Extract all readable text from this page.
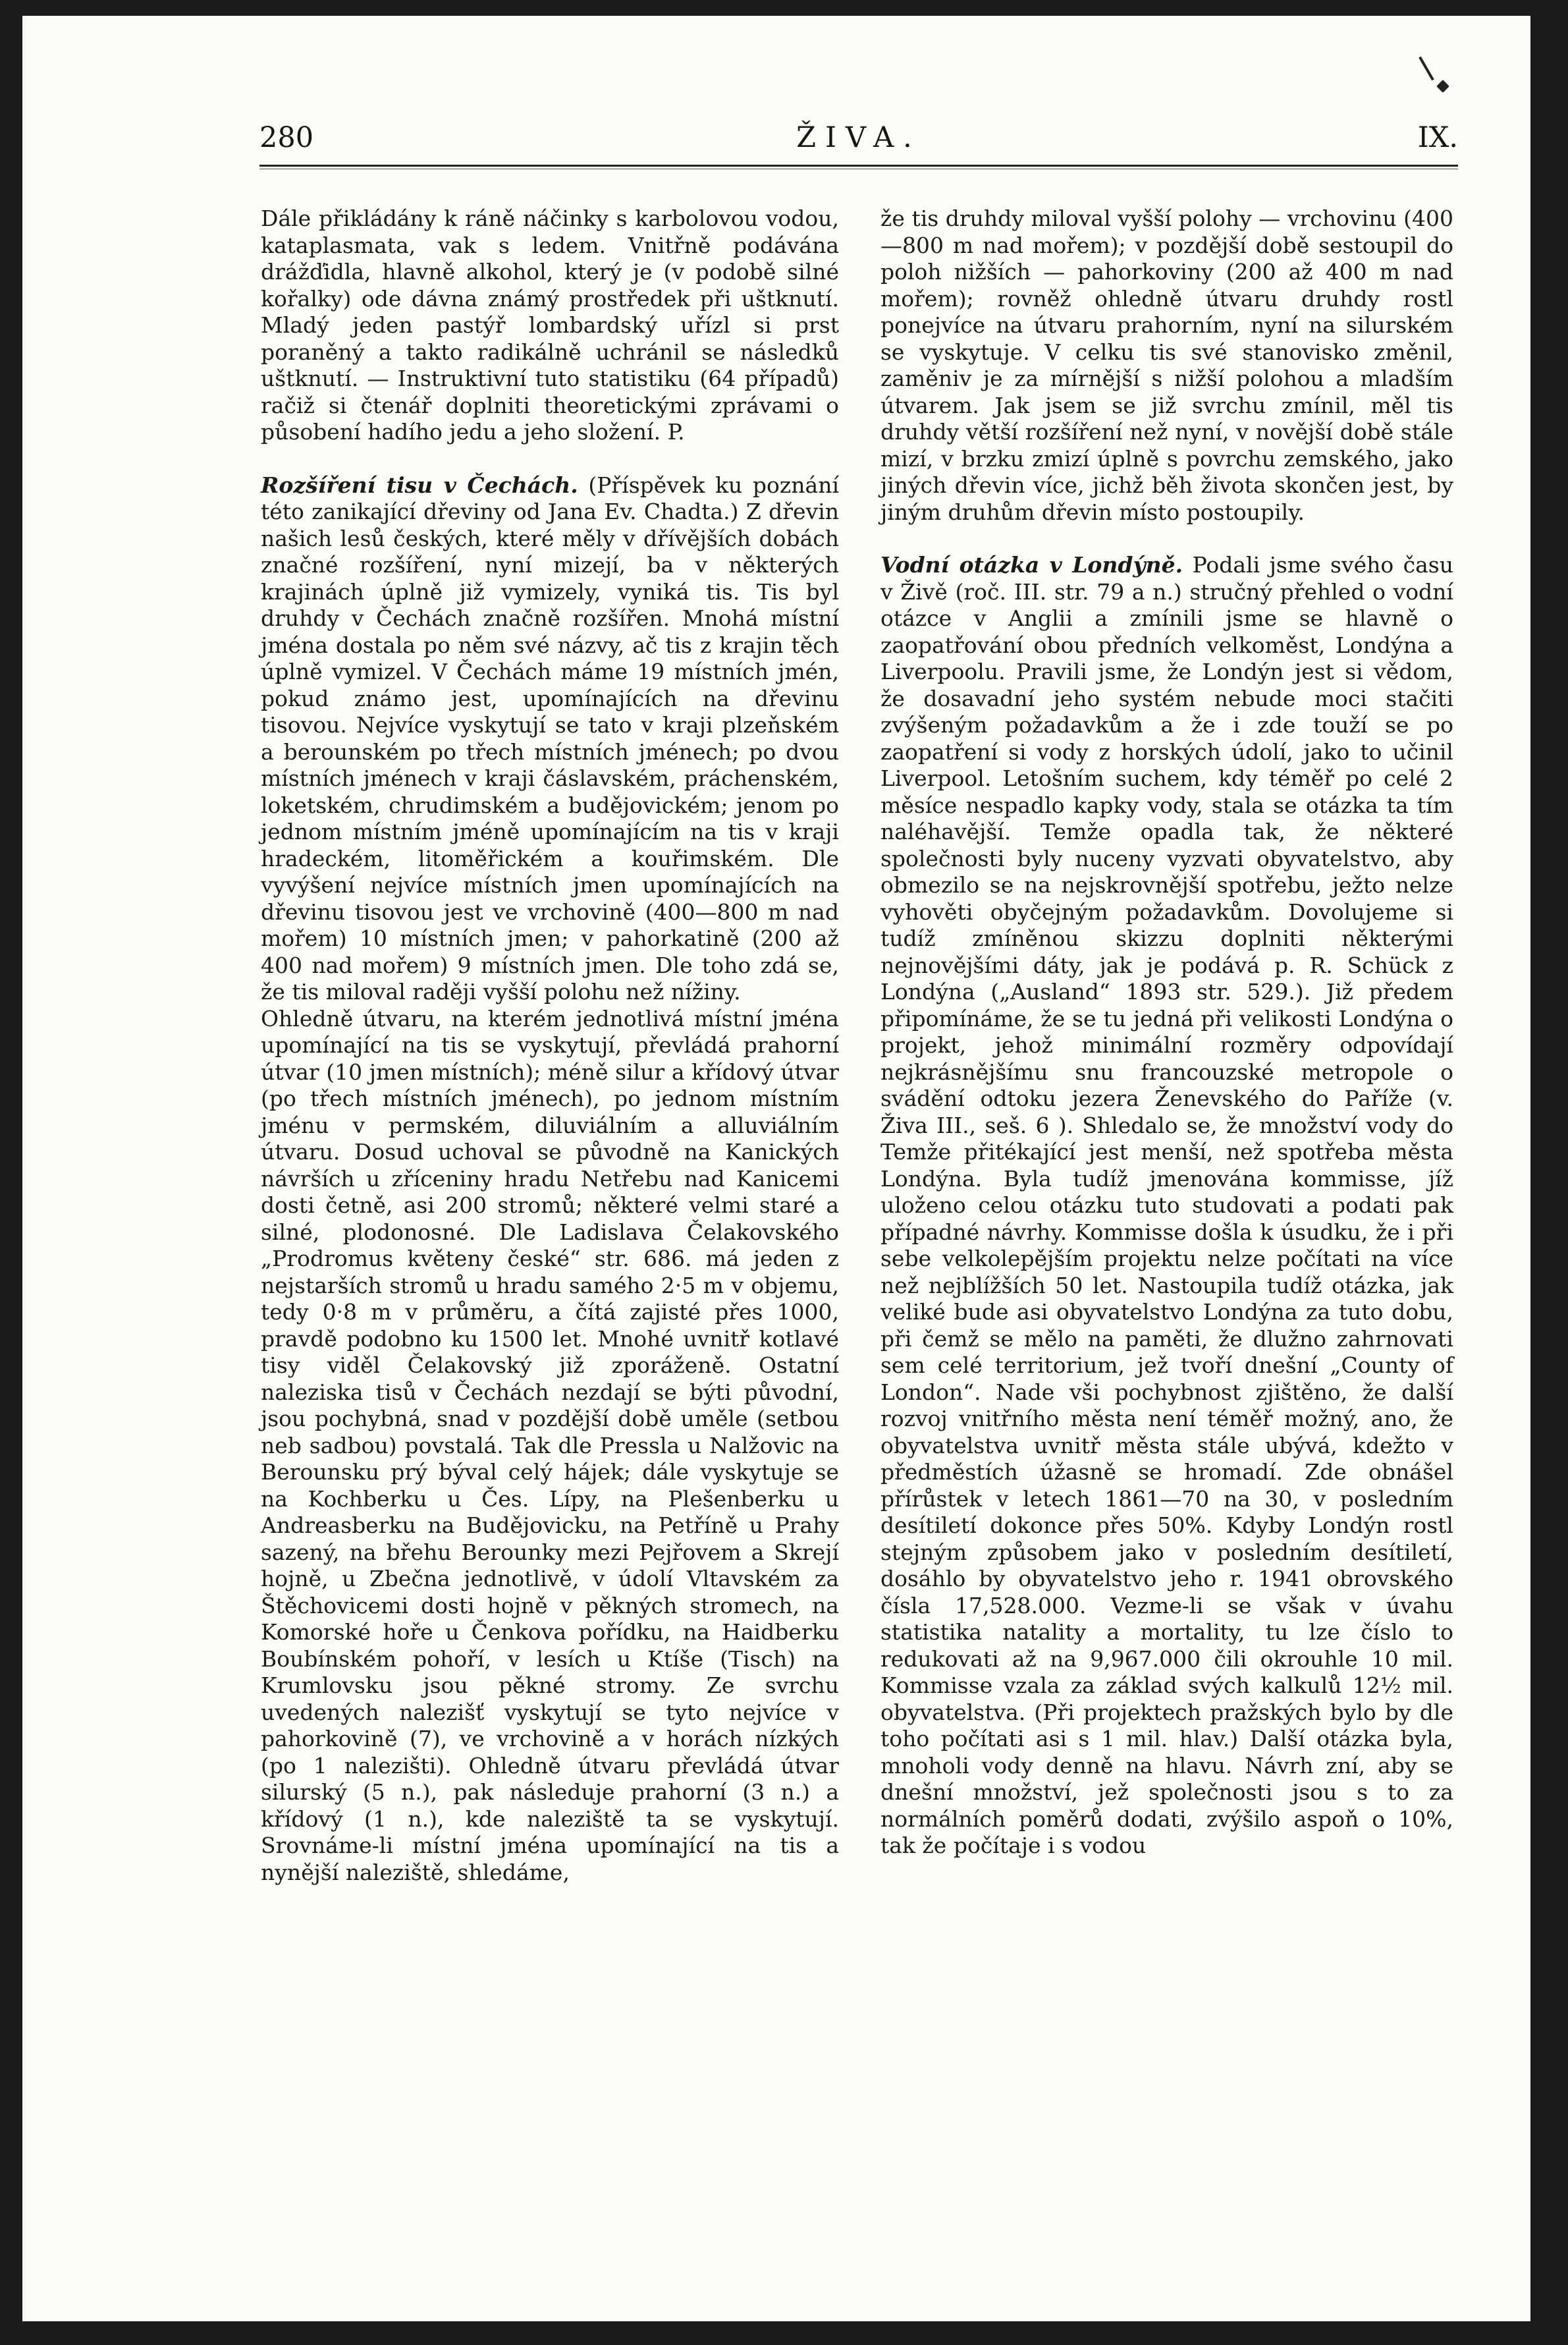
280	ŽIVA.	IX.

Dále přikládány k ráně náčinky s karbolovou vodou, kataplasmata, vak s ledem. Vnitřně podávána drážďidla, hlavně alkohol, který je (v podobě silné kořalky) ode dávna známý prostředek při uštknutí. Mladý jeden pastýř lombardský uřízl si prst poraněný a takto radikálně uchránil se následků uštknutí. — Instruktivní tuto statistiku (64 případů) račiž si čtenář doplniti theoretickými zprávami o působení hadího jedu a jeho složení. P.

Rozšíření tisu v Čechách. (Příspěvek ku poznání této zanikající dřeviny od Jana Ev. Chadta.) Z dřevin našich lesů českých, které měly v dřívějších dobách značné rozšíření, nyní mizejí, ba v některých krajinách úplně již vymizely, vyniká tis. Tis byl druhdy v Čechách značně rozšířen. Mnohá místní jména dostala po něm své názvy, ač tis z krajin těch úplně vymizel. V Čechách máme 19 místních jmén, pokud známo jest, upomínajících na dřevinu tisovou. Nejvíce vyskytují se tato v kraji plzeňském a berounském po třech místních jménech; po dvou místních jménech v kraji čáslavském, práchenském, loketském, chrudimském a budějovickém; jenom po jednom místním jméně upomínajícím na tis v kraji hradeckém, litoměřickém a kouřimském. Dle vyvýšení nejvíce místních jmen upomínajících na dřevinu tisovou jest ve vrchovině (400—800 m nad mořem) 10 místních jmen; v pahorkatině (200 až 400 nad mořem) 9 místních jmen. Dle toho zdá se, že tis miloval raději vyšší polohu než nížiny.

Ohledně útvaru, na kterém jednotlivá místní jména upomínající na tis se vyskytují, převládá prahorní útvar (10 jmen místních); méně silur a křídový útvar (po třech místních jménech), po jednom místním jménu v permském, diluviálním a alluviálním útvaru. Dosud uchoval se původně na Kanických návrších u zříceniny hradu Netřebu nad Kanicemi dosti četně, asi 200 stromů; některé velmi staré a silné, plodonosné. Dle Ladislava Čelakovského „Prodromus květeny české“ str. 686. má jeden z nejstarších stromů u hradu samého 2·5 m v objemu, tedy 0·8 m v průměru, a čítá zajisté přes 1000, pravdě podobno ku 1500 let. Mnohé uvnitř kotlavé tisy viděl Čelakovský již zporáženě. Ostatní naleziska tisů v Čechách nezdají se býti původní, jsou pochybná, snad v pozdější době uměle (setbou neb sadbou) povstalá. Tak dle Pressla u Nalžovic na Berounsku prý býval celý hájek; dále vyskytuje se na Kochberku u Čes. Lípy, na Plešenberku u Andreasberku na Budějovicku, na Petříně u Prahy sazený, na břehu Berounky mezi Pejřovem a Skrejí hojně, u Zbečna jednotlivě, v údolí Vltavském za Štěchovicemi dosti hojně v pěkných stromech, na Komorské hoře u Čenkova pořídku, na Haidberku Boubínském pohoří, v lesích u Ktíše (Tisch) na Krumlovsku jsou pěkné stromy. Ze svrchu uvedených nalezišť vyskytují se tyto nejvíce v pahorkovině (7), ve vrchovině a v horách nízkých (po 1 nalezišti). Ohledně útvaru převládá útvar silurský (5 n.), pak následuje prahorní (3 n.) a křídový (1 n.), kde naleziště ta se vyskytují. Srovnáme-li místní jména upomínající na tis a nynější naleziště, shledáme,

že tis druhdy miloval vyšší polohy — vrchovinu (400—800 m nad mořem); v pozdější době sestoupil do poloh nižších — pahorkoviny (200 až 400 m nad mořem); rovněž ohledně útvaru druhdy rostl ponejvíce na útvaru prahorním, nyní na silurském se vyskytuje. V celku tis své stanovisko změnil, zaměniv je za mírnější s nižší polohou a mladším útvarem. Jak jsem se již svrchu zmínil, měl tis druhdy větší rozšíření než nyní, v novější době stále mizí, v brzku zmizí úplně s povrchu zemského, jako jiných dřevin více, jichž běh života skončen jest, by jiným druhům dřevin místo postoupily.

Vodní otázka v Londýně. Podali jsme svého času v Živě (roč. III. str. 79 a n.) stručný přehled o vodní otázce v Anglii a zmínili jsme se hlavně o zaopatřování obou předních velkoměst, Londýna a Liverpoolu. Pravili jsme, že Londýn jest si vědom, že dosavadní jeho systém nebude moci stačiti zvýšeným požadavkům a že i zde touží se po zaopatření si vody z horských údolí, jako to učinil Liverpool. Letošním suchem, kdy téměř po celé 2 měsíce nespadlo kapky vody, stala se otázka ta tím naléhavější. Temže opadla tak, že některé společnosti byly nuceny vyzvati obyvatelstvo, aby obmezilo se na nejskrovnější spotřebu, ježto nelze vyhověti obyčejným požadavkům. Dovolujeme si tudíž zmíněnou skizzu doplniti některými nejnovějšími dáty, jak je podává p. R. Schück z Londýna („Ausland“ 1893 str. 529.). Již předem připomínáme, že se tu jedná při velikosti Londýna o projekt, jehož minimální rozměry odpovídají nejkrásnějšímu snu francouzské metropole o svádění odtoku jezera Ženevského do Paříže (v. Živa III., seš. 6 ). Shledalo se, že množství vody do Temže přitékající jest menší, než spotřeba města Londýna. Byla tudíž jmenována kommisse, jíž uloženo celou otázku tuto studovati a podati pak případné návrhy. Kommisse došla k úsudku, že i při sebe velkolepějším projektu nelze počítati na více než nejblížších 50 let. Nastoupila tudíž otázka, jak veliké bude asi obyvatelstvo Londýna za tuto dobu, při čemž se mělo na paměti, že dlužno zahrnovati sem celé territorium, jež tvoří dnešní „County of London“. Nade vši pochybnost zjištěno, že další rozvoj vnitřního města není téměř možný, ano, že obyvatelstva uvnitř města stále ubývá, kdežto v předměstích úžasně se hromadí. Zde obnášel přírůstek v letech 1861—70 na 30, v posledním desítiletí dokonce přes 50%. Kdyby Londýn rostl stejným způsobem jako v posledním desítiletí, dosáhlo by obyvatelstvo jeho r. 1941 obrovského čísla 17,528.000. Vezme-li se však v úvahu statistika natality a mortality, tu lze číslo to redukovati až na 9,967.000 čili okrouhle 10 mil. Kommisse vzala za základ svých kalkulů 12½ mil. obyvatelstva. (Při projektech pražských bylo by dle toho počítati asi s 1 mil. hlav.) Další otázka byla, mnoholi vody denně na hlavu. Návrh zní, aby se dnešní množství, jež společnosti jsou s to za normálních poměrů dodati, zvýšilo aspoň o 10%, tak že počítaje i s vodou
